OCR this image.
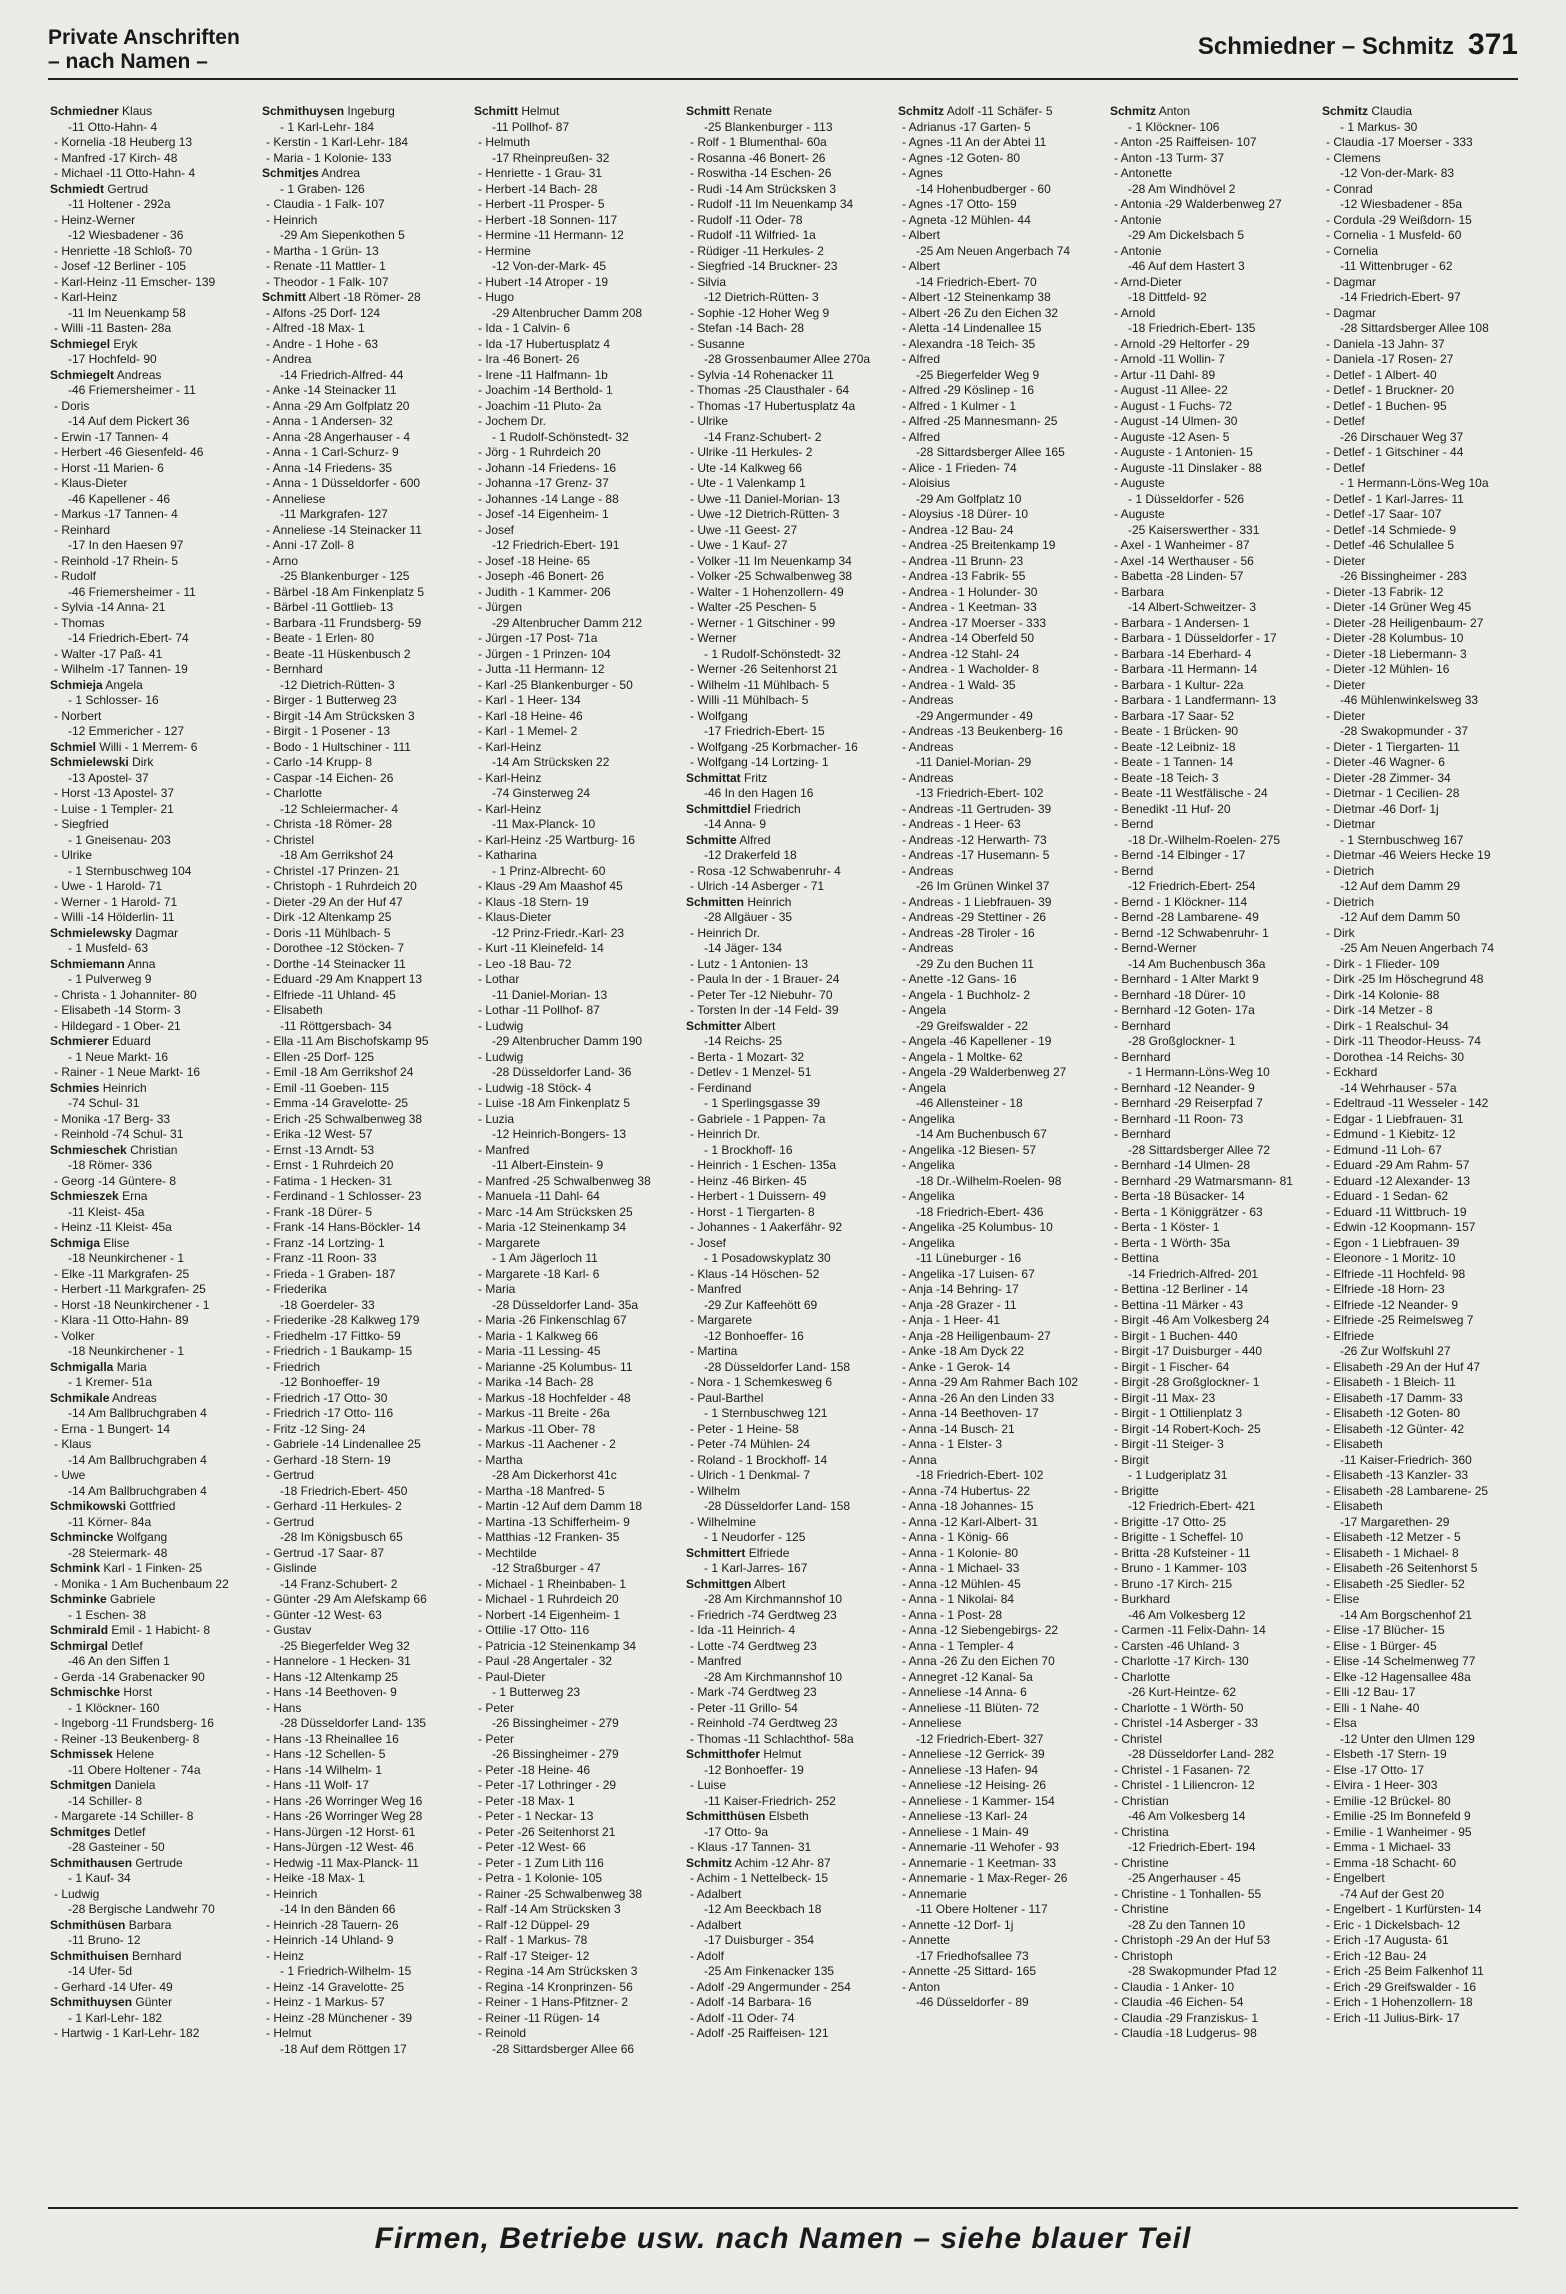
Private Anschriften
– nach Namen –
Schmiedner – Schmitz 371
Schmiedner Klaus
-11 Otto-Hahn- 4
- Kornelia -18 Heuberg 13
- Manfred -17 Kirch- 48
- Michael -11 Otto-Hahn- 4
Schmiedt Gertrud
-11 Holtener - 292a
- Heinz-Werner
-12 Wiesbadener - 36
- Henriette -18 Schloß- 70
- Josef -12 Berliner - 105
- Karl-Heinz -11 Emscher- 139
- Karl-Heinz
-11 Im Neuenkamp 58
- Willi -11 Basten- 28a
Schmiegel Eryk
-17 Hochfeld- 90
Schmiegelt Andreas
-46 Friemersheimer - 11
- Doris
-14 Auf dem Pickert 36
- Erwin -17 Tannen- 4
- Herbert -46 Giesenfeld- 46
- Horst -11 Marien- 6
- Klaus-Dieter
-46 Kapellener - 46
- Markus -17 Tannen- 4
- Reinhard
-17 In den Haesen 97
- Reinhold -17 Rhein- 5
- Rudolf
-46 Friemersheimer - 11
- Sylvia -14 Anna- 21
- Thomas
-14 Friedrich-Ebert- 74
- Walter -17 Paß- 41
- Wilhelm -17 Tannen- 19
Schmieja Angela
- 1 Schlosser- 16
- Norbert
-12 Emmericher - 127
Schmiel Willi - 1 Merrem- 6
Schmielewski Dirk
-13 Apostel- 37
- Horst -13 Apostel- 37
- Luise - 1 Templer- 21
- Siegfried
- 1 Gneisenau- 203
- Ulrike
- 1 Sternbuschweg 104
- Uwe - 1 Harold- 71
- Werner - 1 Harold- 71
- Willi -14 Hölderlin- 11
Schmielewsky Dagmar
- 1 Musfeld- 63
Schmiemann Anna
- 1 Pulverweg 9
- Christa - 1 Johanniter- 80
- Elisabeth -14 Storm- 3
- Hildegard - 1 Ober- 21
Schmierer Eduard
- 1 Neue Markt- 16
- Rainer - 1 Neue Markt- 16
Schmies Heinrich
-74 Schul- 31
- Monika -17 Berg- 33
- Reinhold -74 Schul- 31
Schmieschek Christian
-18 Römer- 336
- Georg -14 Güntere- 8
Schmieszek Erna
-11 Kleist- 45a
- Heinz -11 Kleist- 45a
Schmiga Elise
-18 Neunkirchener - 1
- Elke -11 Markgrafen- 25
- Herbert -11 Markgrafen- 25
- Horst -18 Neunkirchener - 1
- Klara -11 Otto-Hahn- 89
- Volker
-18 Neunkirchener - 1
Schmigalla Maria
- 1 Kremer- 51a
Schmikale Andreas
-14 Am Ballbruchgraben 4
- Erna - 1 Bungert- 14
- Klaus
-14 Am Ballbruchgraben 4
- Uwe
-14 Am Ballbruchgraben 4
Schmikowski Gottfried
-11 Körner- 84a
Schmincke Wolfgang
-28 Steiermark- 48
Schmink Karl - 1 Finken- 25
- Monika - 1 Am Buchenbaum 22
Schminke Gabriele
- 1 Eschen- 38
Schmirald Emil - 1 Habicht- 8
Schmirgal Detlef
-46 An den Siffen 1
- Gerda -14 Grabenacker 90
Schmischke Horst
- 1 Klöckner- 160
- Ingeborg -11 Frundsberg- 16
- Reiner -13 Beukenberg- 8
Schmissek Helene
-11 Obere Holtener - 74a
Schmitgen Daniela
-14 Schiller- 8
- Margarete -14 Schiller- 8
Schmitges Detlef
-28 Gasteiner - 50
Schmithausen Gertrude
- 1 Kauf- 34
- Ludwig
-28 Bergische Landwehr 70
Schmithüsen Barbara
-11 Bruno- 12
Schmithuisen Bernhard
-14 Ufer- 5d
- Gerhard -14 Ufer- 49
Schmithuysen Günter
- 1 Karl-Lehr- 182
- Hartwig - 1 Karl-Lehr- 182
Schmithuysen Ingeburg
- 1 Karl-Lehr- 184
- Kerstin - 1 Karl-Lehr- 184
- Maria - 1 Kolonie- 133
Schmitjes Andrea
- 1 Graben- 126
- Claudia - 1 Falk- 107
- Heinrich
-29 Am Siepenkothen 5
- Martha - 1 Grün- 13
- Renate -11 Mattler- 1
- Theodor - 1 Falk- 107
Schmitt Albert -18 Römer- 28
- Alfons -25 Dorf- 124
- Alfred -18 Max- 1
- Andre - 1 Hohe - 63
- Andrea
-14 Friedrich-Alfred- 44
- Anke -14 Steinacker 11
- Anna -29 Am Golfplatz 20
- Anna - 1 Andersen- 32
- Anna -28 Angerhauser - 4
- Anna - 1 Carl-Schurz- 9
- Anna -14 Friedens- 35
- Anna - 1 Düsseldorfer - 600
- Anneliese
-11 Markgrafen- 127
- Anneliese -14 Steinacker 11
- Anni -17 Zoll- 8
- Arno
-25 Blankenburger - 125
- Bärbel -18 Am Finkenplatz 5
- Bärbel -11 Gottlieb- 13
- Barbara -11 Frundsberg- 59
- Beate - 1 Erlen- 80
- Beate -11 Hüskenbusch 2
- Bernhard
-12 Dietrich-Rütten- 3
- Birger - 1 Butterweg 23
- Birgit -14 Am Strücksken 3
- Birgit - 1 Posener - 13
- Bodo - 1 Hultschiner - 111
- Carlo -14 Krupp- 8
- Caspar -14 Eichen- 26
- Charlotte
-12 Schleiermacher- 4
- Christa -18 Römer- 28
- Christel
-18 Am Gerrikshof 24
- Christel -17 Prinzen- 21
- Christoph - 1 Ruhrdeich 20
- Dieter -29 An der Huf 47
- Dirk -12 Altenkamp 25
- Doris -11 Mühlbach- 5
- Dorothee -12 Stöcken- 7
- Dorthe -14 Steinacker 11
- Eduard -29 Am Knappert 13
- Elfriede -11 Uhland- 45
- Elisabeth
-11 Röttgersbach- 34
- Ella -11 Am Bischofskamp 95
- Ellen -25 Dorf- 125
- Emil -18 Am Gerrikshof 24
- Emil -11 Goeben- 115
- Emma -14 Gravelotte- 25
- Erich -25 Schwalbenweg 38
- Erika -12 West- 57
- Ernst -13 Arndt- 53
- Ernst - 1 Ruhrdeich 20
- Fatima - 1 Hecken- 31
- Ferdinand - 1 Schlosser- 23
- Frank -18 Dürer- 5
- Frank -14 Hans-Böckler- 14
- Franz -14 Lortzing- 1
- Franz -11 Roon- 33
- Frieda - 1 Graben- 187
- Friederika
-18 Goerdeler- 33
- Friederike -28 Kalkweg 179
- Friedhelm -17 Fittko- 59
- Friedrich - 1 Baukamp- 15
- Friedrich
-12 Bonhoeffer- 19
- Friedrich -17 Otto- 30
- Friedrich -17 Otto- 116
- Fritz -12 Sing- 24
- Gabriele -14 Lindenallee 25
- Gerhard -18 Stern- 19
- Gertrud
-18 Friedrich-Ebert- 450
- Gerhard -11 Herkules- 2
- Gertrud
-28 Im Königsbusch 65
- Gertrud -17 Saar- 87
- Gislinde
-14 Franz-Schubert- 2
- Günter -29 Am Alefskamp 66
- Günter -12 West- 63
- Gustav
-25 Biegerfelder Weg 32
- Hannelore - 1 Hecken- 31
- Hans -12 Altenkamp 25
- Hans -14 Beethoven- 9
- Hans
-28 Düsseldorfer Land- 135
- Hans -13 Rheinallee 16
- Hans -12 Schellen- 5
- Hans -14 Wilhelm- 1
- Hans -11 Wolf- 17
- Hans -26 Worringer Weg 16
- Hans -26 Worringer Weg 28
- Hans-Jürgen -12 Horst- 61
- Hans-Jürgen -12 West- 46
- Hedwig -11 Max-Planck- 11
- Heike -18 Max- 1
- Heinrich
-14 In den Bänden 66
- Heinrich -28 Tauern- 26
- Heinrich -14 Uhland- 9
- Heinz
- 1 Friedrich-Wilhelm- 15
- Heinz -14 Gravelotte- 25
- Heinz - 1 Markus- 57
- Heinz -28 Münchener - 39
- Helmut
-18 Auf dem Röttgen 17
Schmitt Helmut
-11 Pollhof- 87
- Helmuth
-17 Rheinpreußen- 32
- Henriette - 1 Grau- 31
- Herbert -14 Bach- 28
- Herbert -11 Prosper- 5
- Herbert -18 Sonnen- 117
- Hermine -11 Hermann- 12
- Hermine
-12 Von-der-Mark- 45
- Hubert -14 Atroper - 19
- Hugo
-29 Altenbrucher Damm 208
- Ida - 1 Calvin- 6
- Ida -17 Hubertusplatz 4
- Ira -46 Bonert- 26
- Irene -11 Halfmann- 1b
- Joachim -14 Berthold- 1
- Joachim -11 Pluto- 2a
- Jochem Dr.
- 1 Rudolf-Schönstedt- 32
- Jörg - 1 Ruhrdeich 20
- Johann -14 Friedens- 16
- Johanna -17 Grenz- 37
- Johannes -14 Lange - 88
- Josef -14 Eigenheim- 1
- Josef
-12 Friedrich-Ebert- 191
- Josef -18 Heine- 65
- Joseph -46 Bonert- 26
- Judith - 1 Kammer- 206
- Jürgen
-29 Altenbrucher Damm 212
- Jürgen -17 Post- 71a
- Jürgen - 1 Prinzen- 104
- Jutta -11 Hermann- 12
- Karl -25 Blankenburger - 50
- Karl - 1 Heer- 134
- Karl -18 Heine- 46
- Karl - 1 Memel- 2
- Karl-Heinz
-14 Am Strücksken 22
- Karl-Heinz
-74 Ginsterweg 24
- Karl-Heinz
-11 Max-Planck- 10
- Karl-Heinz -25 Wartburg- 16
- Katharina
- 1 Prinz-Albrecht- 60
- Klaus -29 Am Maashof 45
- Klaus -18 Stern- 19
- Klaus-Dieter
-12 Prinz-Friedr.-Karl- 23
- Kurt -11 Kleinefeld- 14
- Leo -18 Bau- 72
- Lothar
-11 Daniel-Morian- 13
- Lothar -11 Pollhof- 87
- Ludwig
-29 Altenbrucher Damm 190
- Ludwig
-28 Düsseldorfer Land- 36
- Ludwig -18 Stöck- 4
- Luise -18 Am Finkenplatz 5
- Luzia
-12 Heinrich-Bongers- 13
- Manfred
-11 Albert-Einstein- 9
- Manfred -25 Schwalbenweg 38
- Manuela -11 Dahl- 64
- Marc -14 Am Strücksken 25
- Maria -12 Steinenkamp 34
- Margarete
- 1 Am Jägerloch 11
- Margarete -18 Karl- 6
- Maria
-28 Düsseldorfer Land- 35a
- Maria -26 Finkenschlag 67
- Maria - 1 Kalkweg 66
- Maria -11 Lessing- 45
- Marianne -25 Kolumbus- 11
- Marika -14 Bach- 28
- Markus -18 Hochfelder - 48
- Markus -11 Breite - 26a
- Markus -11 Ober- 78
- Markus -11 Aachener - 2
- Martha
-28 Am Dickerhorst 41c
- Martha -18 Manfred- 5
- Martin -12 Auf dem Damm 18
- Martina -13 Schifferheim- 9
- Matthias -12 Franken- 35
- Mechtilde
-12 Straßburger - 47
- Michael - 1 Rheinbaben- 1
- Michael - 1 Ruhrdeich 20
- Norbert -14 Eigenheim- 1
- Ottilie -17 Otto- 116
- Patricia -12 Steinenkamp 34
- Paul -28 Angertaler - 32
- Paul-Dieter
- 1 Butterweg 23
- Peter
-26 Bissingheimer - 279
- Peter
-26 Bissingheimer - 279
- Peter -18 Heine- 46
- Peter -17 Lothringer - 29
- Peter -18 Max- 1
- Peter - 1 Neckar- 13
- Peter -26 Seitenhorst 21
- Peter -12 West- 66
- Peter - 1 Zum Lith 116
- Petra - 1 Kolonie- 105
- Rainer -25 Schwalbenweg 38
- Ralf -14 Am Strücksken 3
- Ralf -12 Düppel- 29
- Ralf - 1 Markus- 78
- Ralf -17 Steiger- 12
- Regina -14 Am Strücksken 3
- Regina -14 Kronprinzen- 56
- Reiner - 1 Hans-Pfitzner- 2
- Reiner -11 Rügen- 14
- Reinold
-28 Sittardsberger Allee 66
Schmitt Renate
-25 Blankenburger - 113
- Rolf - 1 Blumenthal- 60a
- Rosanna -46 Bonert- 26
- Roswitha -14 Eschen- 26
- Rudi -14 Am Strücksken 3
- Rudolf -11 Im Neuenkamp 34
- Rudolf -11 Oder- 78
- Rudolf -11 Wilfried- 1a
- Rüdiger -11 Herkules- 2
- Siegfried -14 Bruckner- 23
- Silvia
-12 Dietrich-Rütten- 3
- Sophie -12 Hoher Weg 9
- Stefan -14 Bach- 28
- Susanne
-28 Grossenbaumer Allee 270a
- Sylvia -14 Rohenacker 11
- Thomas -25 Clausthaler - 64
- Thomas -17 Hubertusplatz 4a
- Ulrike
-14 Franz-Schubert- 2
- Ulrike -11 Herkules- 2
- Ute -14 Kalkweg 66
- Ute - 1 Valenkamp 1
- Uwe -11 Daniel-Morian- 13
- Uwe -12 Dietrich-Rütten- 3
- Uwe -11 Geest- 27
- Uwe - 1 Kauf- 27
- Volker -11 Im Neuenkamp 34
- Volker -25 Schwalbenweg 38
- Walter - 1 Hohenzollern- 49
- Walter -25 Peschen- 5
- Werner - 1 Gitschiner - 99
- Werner
- 1 Rudolf-Schönstedt- 32
- Werner -26 Seitenhorst 21
- Wilhelm -11 Mühlbach- 5
- Willi -11 Mühlbach- 5
- Wolfgang
-17 Friedrich-Ebert- 15
- Wolfgang -25 Korbmacher- 16
- Wolfgang -14 Lortzing- 1
Schmittat Fritz
-46 In den Hagen 16
Schmittdiel Friedrich
-14 Anna- 9
Schmitte Alfred
-12 Drakerfeld 18
- Rosa -12 Schwabenruhr- 4
- Ulrich -14 Asberger - 71
Schmitten Heinrich
-28 Allgäuer - 35
- Heinrich Dr.
-14 Jäger- 134
- Lutz - 1 Antonien- 13
- Paula In der - 1 Brauer- 24
- Peter Ter -12 Niebuhr- 70
- Torsten In der -14 Feld- 39
Schmitter Albert
-14 Reichs- 25
- Berta - 1 Mozart- 32
- Detlev - 1 Menzel- 51
- Ferdinand
- 1 Sperlingsgasse 39
- Gabriele - 1 Pappen- 7a
- Heinrich Dr.
- 1 Brockhoff- 16
- Heinrich - 1 Eschen- 135a
- Heinz -46 Birken- 45
- Herbert - 1 Duissern- 49
- Horst - 1 Tiergarten- 8
- Johannes - 1 Aakerfähr- 92
- Josef
- 1 Posadowskyplatz 30
- Klaus -14 Höschen- 52
- Manfred
-29 Zur Kaffeehött 69
- Margarete
-12 Bonhoeffer- 16
- Martina
-28 Düsseldorfer Land- 158
- Nora - 1 Schemkesweg 6
- Paul-Barthel
- 1 Sternbuschweg 121
- Peter - 1 Heine- 58
- Peter -74 Mühlen- 24
- Roland - 1 Brockhoff- 14
- Ulrich - 1 Denkmal- 7
- Wilhelm
-28 Düsseldorfer Land- 158
- Wilhelmine
- 1 Neudorfer - 125
Schmittert Elfriede
- 1 Karl-Jarres- 167
Schmittgen Albert
-28 Am Kirchmannshof 10
- Friedrich -74 Gerdtweg 23
- Ida -11 Heinrich- 4
- Lotte -74 Gerdtweg 23
- Manfred
-28 Am Kirchmannshof 10
- Mark -74 Gerdtweg 23
- Peter -11 Grillo- 54
- Reinhold -74 Gerdtweg 23
- Thomas -11 Schlachthof- 58a
Schmitthofer Helmut
-12 Bonhoeffer- 19
- Luise
-11 Kaiser-Friedrich- 252
Schmitthüsen Elsbeth
-17 Otto- 9a
- Klaus -17 Tannen- 31
Schmitz Achim -12 Ahr- 87
- Achim - 1 Nettelbeck- 15
- Adalbert
-12 Am Beeckbach 18
- Adalbert
-17 Duisburger - 354
- Adolf
-25 Am Finkenacker 135
- Adolf -29 Angermunder - 254
- Adolf -14 Barbara- 16
- Adolf -11 Oder- 74
- Adolf -25 Raiffeisen- 121
Schmitz Adolf -11 Schäfer- 5
- Adrianus -17 Garten- 5
- Agnes -11 An der Abtei 11
- Agnes -12 Goten- 80
- Agnes
-14 Hohenbudberger - 60
- Agnes -17 Otto- 159
- Agneta -12 Mühlen- 44
- Albert
-25 Am Neuen Angerbach 74
- Albert
-14 Friedrich-Ebert- 70
- Albert -12 Steinenkamp 38
- Albert -26 Zu den Eichen 32
- Aletta -14 Lindenallee 15
- Alexandra -18 Teich- 35
- Alfred
-25 Biegerfelder Weg 9
- Alfred -29 Köslinер - 16
- Alfred - 1 Kulmer - 1
- Alfred -25 Mannesmann- 25
- Alfred
-28 Sittardsberger Allee 165
- Alice - 1 Frieden- 74
- Aloisius
-29 Am Golfplatz 10
- Aloysius -18 Dürer- 10
- Andrea -12 Bau- 24
- Andrea -25 Breitenkamp 19
- Andrea -11 Brunn- 23
- Andrea -13 Fabrik- 55
- Andrea - 1 Holunder- 30
- Andrea - 1 Keetman- 33
- Andrea -17 Moerser - 333
- Andrea -14 Oberfeld 50
- Andrea -12 Stahl- 24
- Andrea - 1 Wacholder- 8
- Andrea - 1 Wald- 35
- Andreas
-29 Angermunder - 49
- Andreas -13 Beukenberg- 16
- Andreas
-11 Daniel-Morian- 29
- Andreas
-13 Friedrich-Ebert- 102
- Andreas -11 Gertruden- 39
- Andreas - 1 Heer- 63
- Andreas -12 Herwarth- 73
- Andreas -17 Husemann- 5
- Andreas
-26 Im Grünen Winkel 37
- Andreas - 1 Liebfrauen- 39
- Andreas -29 Stettiner - 26
- Andreas -28 Tiroler - 16
- Andreas
-29 Zu den Buchen 11
- Anette -12 Gans- 16
- Angela - 1 Buchholz- 2
- Angela
-29 Greifswalder - 22
- Angela -46 Kapellener - 19
- Angela - 1 Moltke- 62
- Angela -29 Walderbenweg 27
- Angela
-46 Allensteiner - 18
- Angelika
-14 Am Buchenbusch 67
- Angelika -12 Biesen- 57
- Angelika
-18 Dr.-Wilhelm-Roelen- 98
- Angelika
-18 Friedrich-Ebert- 436
- Angelika -25 Kolumbus- 10
- Angelika
-11 Lüneburger - 16
- Angelika -17 Luisen- 67
- Anja -14 Behring- 17
- Anja -28 Grazer - 11
- Anja - 1 Heer- 41
- Anja -28 Heiligenbaum- 27
- Anke -18 Am Dyck 22
- Anke - 1 Gerok- 14
- Anna -29 Am Rahmer Bach 102
- Anna -26 An den Linden 33
- Anna -14 Beethoven- 17
- Anna -14 Busch- 21
- Anna - 1 Elster- 3
- Anna
-18 Friedrich-Ebert- 102
- Anna -74 Hubertus- 22
- Anna -18 Johannes- 15
- Anna -12 Karl-Albert- 31
- Anna - 1 König- 66
- Anna - 1 Kolonie- 80
- Anna - 1 Michael- 33
- Anna -12 Mühlen- 45
- Anna - 1 Nikolai- 84
- Anna - 1 Post- 28
- Anna -12 Siebengebirgs- 22
- Anna - 1 Templer- 4
- Anna -26 Zu den Eichen 70
- Annegret -12 Kanal- 5a
- Anneliese -14 Anna- 6
- Anneliese -11 Blüten- 72
- Anneliese
-12 Friedrich-Ebert- 327
- Anneliese -12 Gerrick- 39
- Anneliese -13 Hafen- 94
- Anneliese -12 Heising- 26
- Anneliese - 1 Kammer- 154
- Anneliese -13 Karl- 24
- Anneliese - 1 Main- 49
- Annemarie -11 Wehofer - 93
- Annemarie - 1 Keetman- 33
- Annemarie - 1 Max-Reger- 26
- Annemarie
-11 Obere Holtener - 117
- Annette -12 Dorf- 1j
- Annette
-17 Friedhofsallee 73
- Annette -25 Sittard- 165
- Anton
-46 Düsseldorfer - 89
Schmitz Anton
- 1 Klöckner- 106
- Anton -25 Raiffeisen- 107
- Anton -13 Turm- 37
- Antonette
-28 Am Windhövel 2
- Antonia -29 Walderbenweg 27
- Antonie
-29 Am Dickelsbach 5
- Antonie
-46 Auf dem Hastert 3
- Arnd-Dieter
-18 Dittfeld- 92
- Arnold
-18 Friedrich-Ebert- 135
- Arnold -29 Heltorfer - 29
- Arnold -11 Wollin- 7
- Artur -11 Dahl- 89
- August -11 Allee- 22
- August - 1 Fuchs- 72
- August -14 Ulmen- 30
- Auguste -12 Asen- 5
- Auguste - 1 Antonien- 15
- Auguste -11 Dinslaker - 88
- Auguste
- 1 Düsseldorfer - 526
- Auguste
-25 Kaiserswerther - 331
- Axel - 1 Wanheimer - 87
- Axel -14 Werthauser - 56
- Babetta -28 Linden- 57
- Barbara
-14 Albert-Schweitzer- 3
- Barbara - 1 Andersen- 1
- Barbara - 1 Düsseldorfer - 17
- Barbara -14 Eberhard- 4
- Barbara -11 Hermann- 14
- Barbara - 1 Kultur- 22a
- Barbara - 1 Landfermann- 13
- Barbara -17 Saar- 52
- Beate - 1 Brücken- 90
- Beate -12 Leibniz- 18
- Beate - 1 Tannen- 14
- Beate -18 Teich- 3
- Beate -11 Westfälische - 24
- Benedikt -11 Huf- 20
- Bernd
-18 Dr.-Wilhelm-Roelen- 275
- Bernd -14 Elbinger - 17
- Bernd
-12 Friedrich-Ebert- 254
- Bernd - 1 Klöckner- 114
- Bernd -28 Lambarene- 49
- Bernd -12 Schwabenruhr- 1
- Bernd-Werner
-14 Am Buchenbusch 36a
- Bernhard - 1 Alter Markt 9
- Bernhard -18 Dürer- 10
- Bernhard -12 Goten- 17a
- Bernhard
-28 Großglockner- 1
- Bernhard
- 1 Hermann-Löns-Weg 10
- Bernhard -12 Neander- 9
- Bernhard -29 Reiserpfad 7
- Bernhard -11 Roon- 73
- Bernhard
-28 Sittardsberger Allee 72
- Bernhard -14 Ulmen- 28
- Bernhard -29 Watmarsmann- 81
- Berta -18 Büsacker- 14
- Berta - 1 Königgrätzer - 63
- Berta - 1 Köster- 1
- Berta - 1 Wörth- 35a
- Bettina
-14 Friedrich-Alfred- 201
- Bettina -12 Berliner - 14
- Bettina -11 Märker - 43
- Birgit -46 Am Volkesberg 24
- Birgit - 1 Buchen- 440
- Birgit -17 Duisburger - 440
- Birgit - 1 Fischer- 64
- Birgit -28 Großglockner- 1
- Birgit -11 Max- 23
- Birgit - 1 Ottilienplatz 3
- Birgit -14 Robert-Koch- 25
- Birgit -11 Steiger- 3
- Birgit
- 1 Ludgeriplatz 31
- Brigitte
-12 Friedrich-Ebert- 421
- Brigitte -17 Otto- 25
- Brigitte - 1 Scheffel- 10
- Britta -28 Kufsteiner - 11
- Bruno - 1 Kammer- 103
- Bruno -17 Kirch- 215
- Burkhard
-46 Am Volkesberg 12
- Carmen -11 Felix-Dahn- 14
- Carsten -46 Uhland- 3
- Charlotte -17 Kirch- 130
- Charlotte
-26 Kurt-Heintze- 62
- Charlotte - 1 Wörth- 50
- Christel -14 Asberger - 33
- Christel
-28 Düsseldorfer Land- 282
- Christel - 1 Fasanen- 72
- Christel - 1 Liliencron- 12
- Christian
-46 Am Volkesberg 14
- Christina
-12 Friedrich-Ebert- 194
- Christine
-25 Angerhauser - 45
- Christine - 1 Tonhallen- 55
- Christine
-28 Zu den Tannen 10
- Christoph -29 An der Huf 53
- Christoph
-28 Swakopmunder Pfad 12
- Claudia - 1 Anker- 10
- Claudia -46 Eichen- 54
- Claudia -29 Franziskus- 1
- Claudia -18 Ludgerus- 98
Schmitz Claudia
- 1 Markus- 30
- Claudia -17 Moerser - 333
- Clemens
-12 Von-der-Mark- 83
- Conrad
-12 Wiesbadener - 85a
- Cordula -29 Weißdorn- 15
- Cornelia - 1 Musfeld- 60
- Cornelia
-11 Wittenbruger - 62
- Dagmar
-14 Friedrich-Ebert- 97
- Dagmar
-28 Sittardsberger Allee 108
- Daniela -13 Jahn- 37
- Daniela -17 Rosen- 27
- Detlef - 1 Albert- 40
- Detlef - 1 Bruckner- 20
- Detlef - 1 Buchen- 95
- Detlef
-26 Dirschauer Weg 37
- Detlef - 1 Gitschiner - 44
- Detlef
- 1 Hermann-Löns-Weg 10a
- Detlef - 1 Karl-Jarres- 11
- Detlef -17 Saar- 107
- Detlef -14 Schmiede- 9
- Detlef -46 Schulallee 5
- Dieter
-26 Bissingheimer - 283
- Dieter -13 Fabrik- 12
- Dieter -14 Grüner Weg 45
- Dieter -28 Heiligenbaum- 27
- Dieter -28 Kolumbus- 10
- Dieter -18 Liebermann- 3
- Dieter -12 Mühlen- 16
- Dieter
-46 Mühlenwinkelsweg 33
- Dieter
-28 Swakopmunder - 37
- Dieter - 1 Tiergarten- 11
- Dieter -46 Wagner- 6
- Dieter -28 Zimmer- 34
- Dietmar - 1 Cecilien- 28
- Dietmar -46 Dorf- 1j
- Dietmar
- 1 Sternbuschweg 167
- Dietmar -46 Weiers Hecke 19
- Dietrich
-12 Auf dem Damm 29
- Dietrich
-12 Auf dem Damm 50
- Dirk
-25 Am Neuen Angerbach 74
- Dirk - 1 Flieder- 109
- Dirk -25 Im Höschegrund 48
- Dirk -14 Kolonie- 88
- Dirk -14 Metzer - 8
- Dirk - 1 Realschul- 34
- Dirk -11 Theodor-Heuss- 74
- Dorothea -14 Reichs- 30
- Eckhard
-14 Wehrhauser - 57a
- Edeltraud -11 Wesseler - 142
- Edgar - 1 Liebfrauen- 31
- Edmund - 1 Kiebitz- 12
- Edmund -11 Loh- 67
- Eduard -29 Am Rahm- 57
- Eduard -12 Alexander- 13
- Eduard - 1 Sedan- 62
- Eduard -11 Wittbruch- 19
- Edwin -12 Koopmann- 157
- Egon - 1 Liebfrauen- 39
- Eleonore - 1 Moritz- 10
- Elfriede -11 Hochfeld- 98
- Elfriede -18 Horn- 23
- Elfriede -12 Neander- 9
- Elfriede -25 Reimelsweg 7
- Elfriede
-26 Zur Wolfskuhl 27
- Elisabeth -29 An der Huf 47
- Elisabeth - 1 Bleich- 11
- Elisabeth -17 Damm- 33
- Elisabeth -12 Goten- 80
- Elisabeth -12 Günter- 42
- Elisabeth
-11 Kaiser-Friedrich- 360
- Elisabeth -13 Kanzler- 33
- Elisabeth -28 Lambarene- 25
- Elisabeth
-17 Margarethen- 29
- Elisabeth -12 Metzer - 5
- Elisabeth - 1 Michael- 8
- Elisabeth -26 Seitenhorst 5
- Elisabeth -25 Siedler- 52
- Elise
-14 Am Borgschenhof 21
- Elise -17 Blücher- 15
- Elise - 1 Bürger- 45
- Elise -14 Schelmenweg 77
- Elke -12 Hagensallee 48a
- Elli -12 Bau- 17
- Elli - 1 Nahe- 40
- Elsa
-12 Unter den Ulmen 129
- Elsbeth -17 Stern- 19
- Else -17 Otto- 17
- Elvira - 1 Heer- 303
- Emilie -12 Brückel- 80
- Emilie -25 Im Bonnefeld 9
- Emilie - 1 Wanheimer - 95
- Emma - 1 Michael- 33
- Emma -18 Schacht- 60
- Engelbert
-74 Auf der Gest 20
- Engelbert - 1 Kurfürsten- 14
- Eric - 1 Dickelsbach- 12
- Erich -17 Augusta- 61
- Erich -12 Bau- 24
- Erich -25 Beim Falkenhof 11
- Erich -29 Greifswalder - 16
- Erich - 1 Hohenzollern- 18
- Erich -11 Julius-Birk- 17
Firmen, Betriebe usw. nach Namen – siehe blauer Teil
